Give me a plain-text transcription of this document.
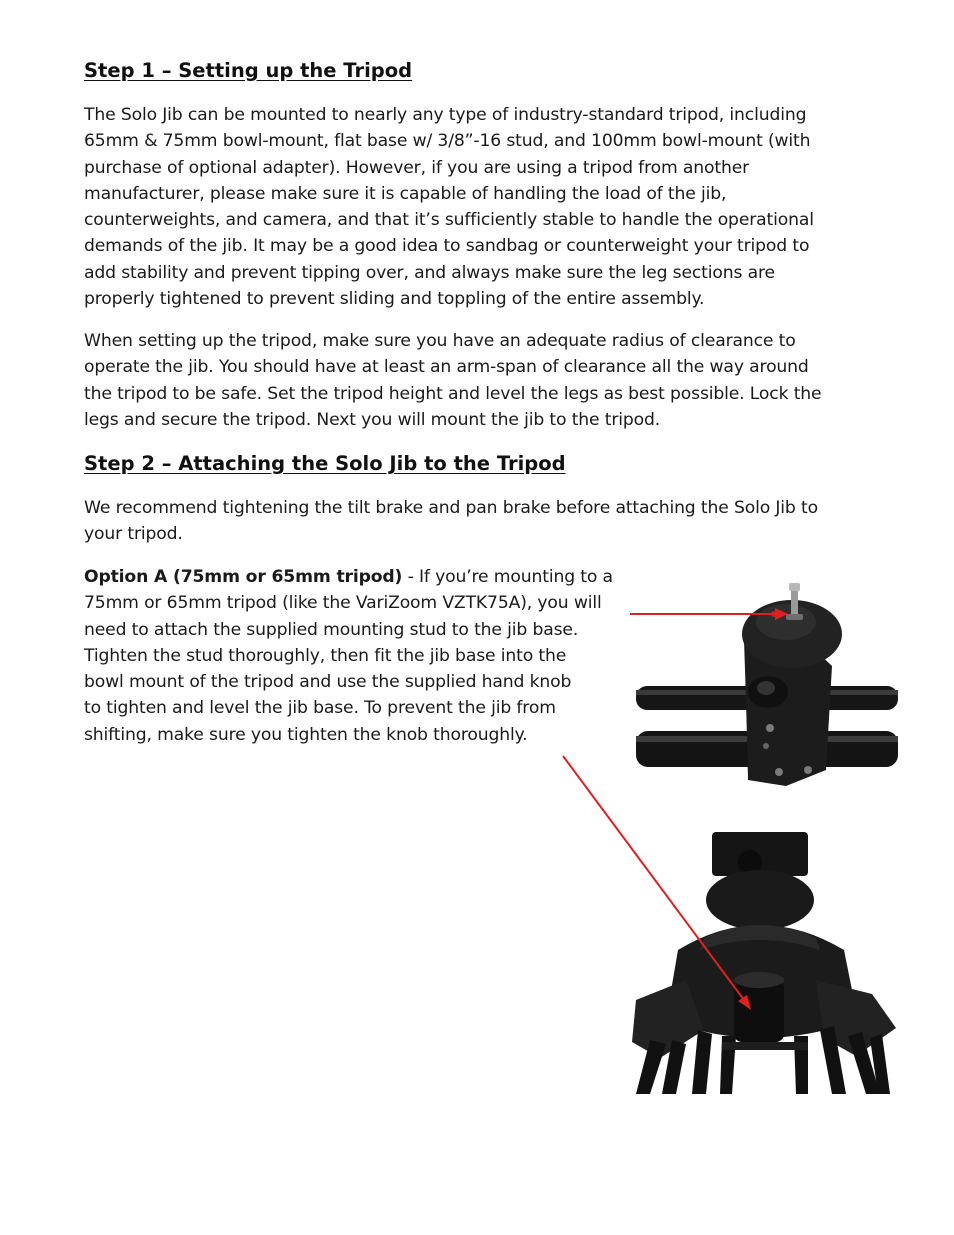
Step 1 – Setting up the Tripod

The Solo Jib can be mounted to nearly any type of industry-standard tripod, including
65mm & 75mm bowl-mount, flat base w/ 3/8”-16 stud, and 100mm bowl-mount (with
purchase of optional adapter). However, if you are using a tripod from another
manufacturer, please make sure it is capable of handling the load of the jib,
counterweights, and camera, and that it’s sufficiently stable to handle the operational
demands of the jib. It may be a good idea to sandbag or counterweight your tripod to
add stability and prevent tipping over, and always make sure the leg sections are
properly tightened to prevent sliding and toppling of the entire assembly.

When setting up the tripod, make sure you have an adequate radius of clearance to
operate the jib. You should have at least an arm-span of clearance all the way around
the tripod to be safe. Set the tripod height and level the legs as best possible. Lock the
legs and secure the tripod. Next you will mount the jib to the tripod.

Step 2 – Attaching the Solo Jib to the Tripod

We recommend tightening the tilt brake and pan brake before attaching the Solo Jib to
your tripod.

Option A (75mm or 65mm tripod) - If you’re mounting to a
75mm or 65mm tripod (like the VariZoom VZTK75A), you will
need to attach the supplied mounting stud to the jib base.
Tighten the stud thoroughly, then fit the jib base into the
bowl mount of the tripod and use the supplied hand knob
to tighten and level the jib base. To prevent the jib from
shifting, make sure you tighten the knob thoroughly.
